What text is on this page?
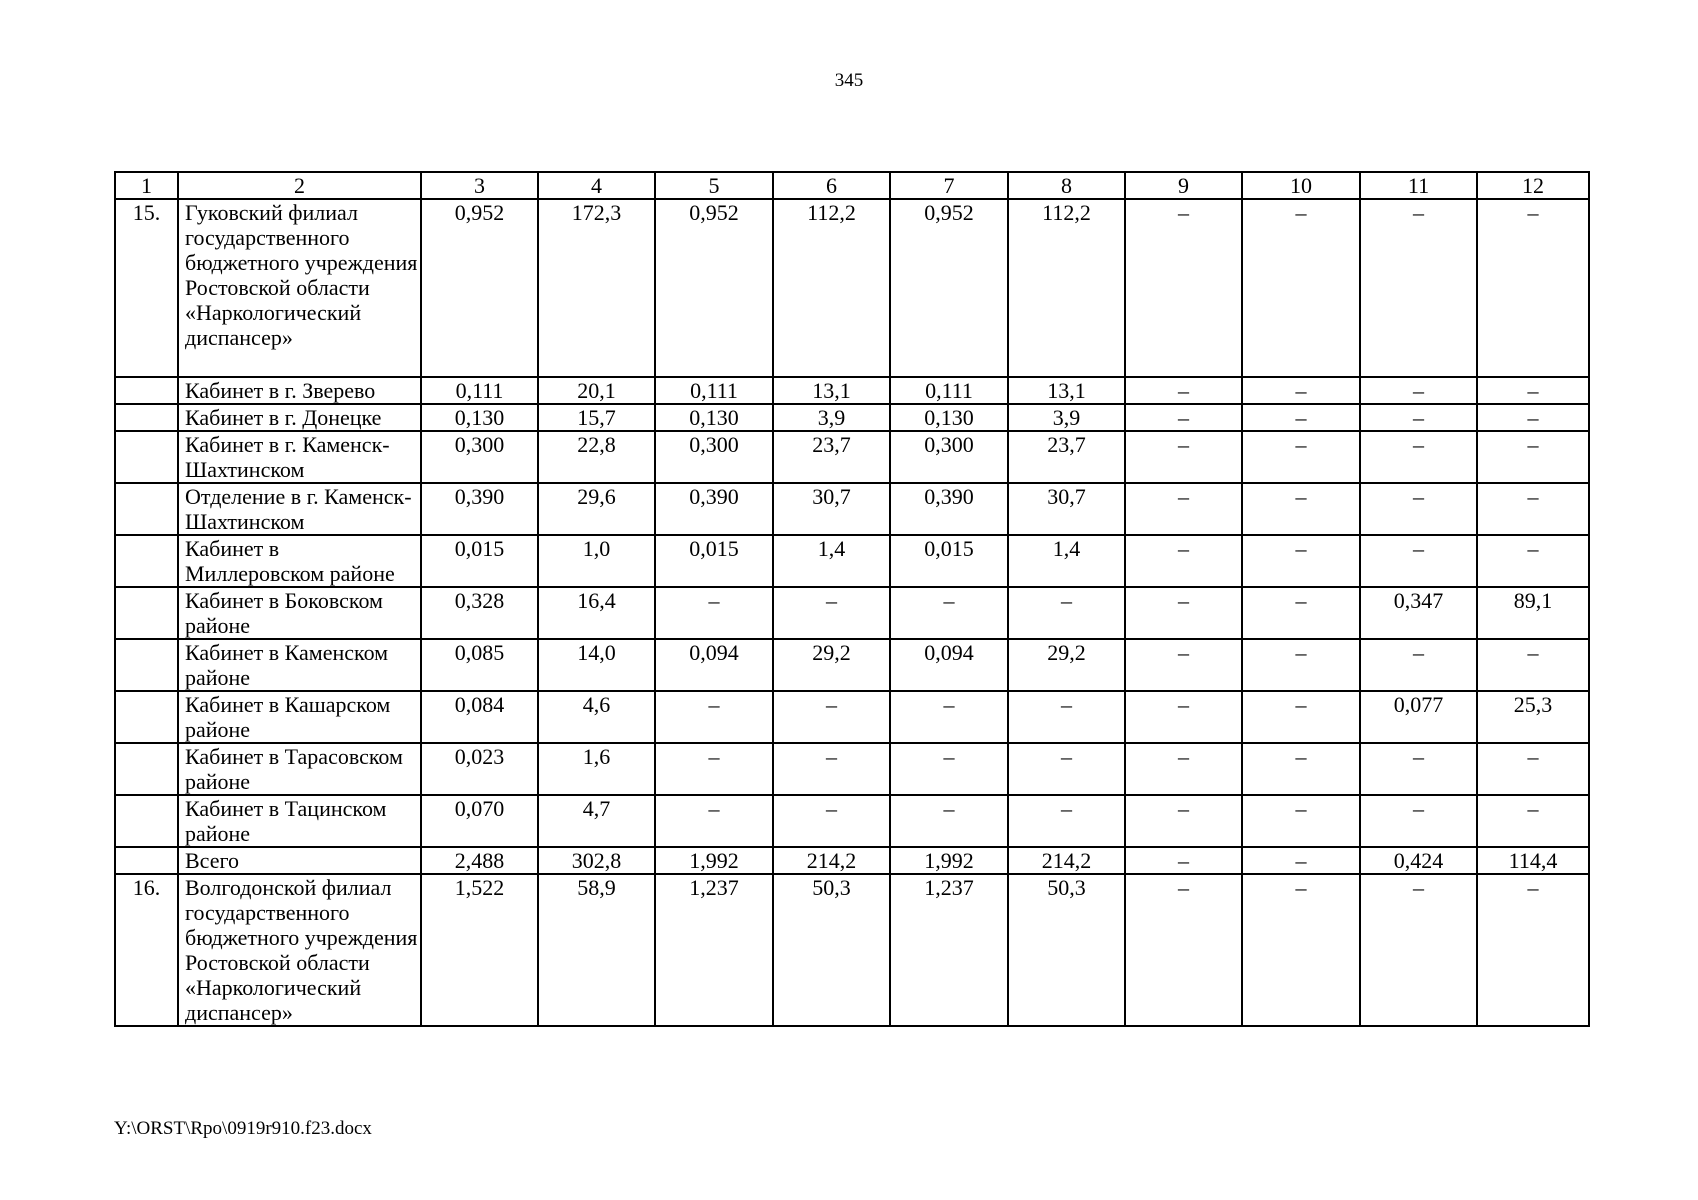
345
1	2	3	4	5	6	7	8	9	10	11	12
15.	Гуковский филиал государственного бюджетного учреждения Ростовской области «Наркологический диспансер»	0,952	172,3	0,952	112,2	0,952	112,2	–	–	–	–
	Кабинет в г. Зверево	0,111	20,1	0,111	13,1	0,111	13,1	–	–	–	–
	Кабинет в г. Донецке	0,130	15,7	0,130	3,9	0,130	3,9	–	–	–	–
	Кабинет в г. Каменск-Шахтинском	0,300	22,8	0,300	23,7	0,300	23,7	–	–	–	–
	Отделение в г. Каменск-Шахтинском	0,390	29,6	0,390	30,7	0,390	30,7	–	–	–	–
	Кабинет в Миллеровском районе	0,015	1,0	0,015	1,4	0,015	1,4	–	–	–	–
	Кабинет в Боковском районе	0,328	16,4	–	–	–	–	–	–	0,347	89,1
	Кабинет в Каменском районе	0,085	14,0	0,094	29,2	0,094	29,2	–	–	–	–
	Кабинет в Кашарском районе	0,084	4,6	–	–	–	–	–	–	0,077	25,3
	Кабинет в Тарасовском районе	0,023	1,6	–	–	–	–	–	–	–	–
	Кабинет в Тацинском районе	0,070	4,7	–	–	–	–	–	–	–	–
	Всего	2,488	302,8	1,992	214,2	1,992	214,2	–	–	0,424	114,4
16.	Волгодонской филиал государственного бюджетного учреждения Ростовской области «Наркологический диспансер»	1,522	58,9	1,237	50,3	1,237	50,3	–	–	–	–
Y:\ORST\Rpo\0919r910.f23.docx
